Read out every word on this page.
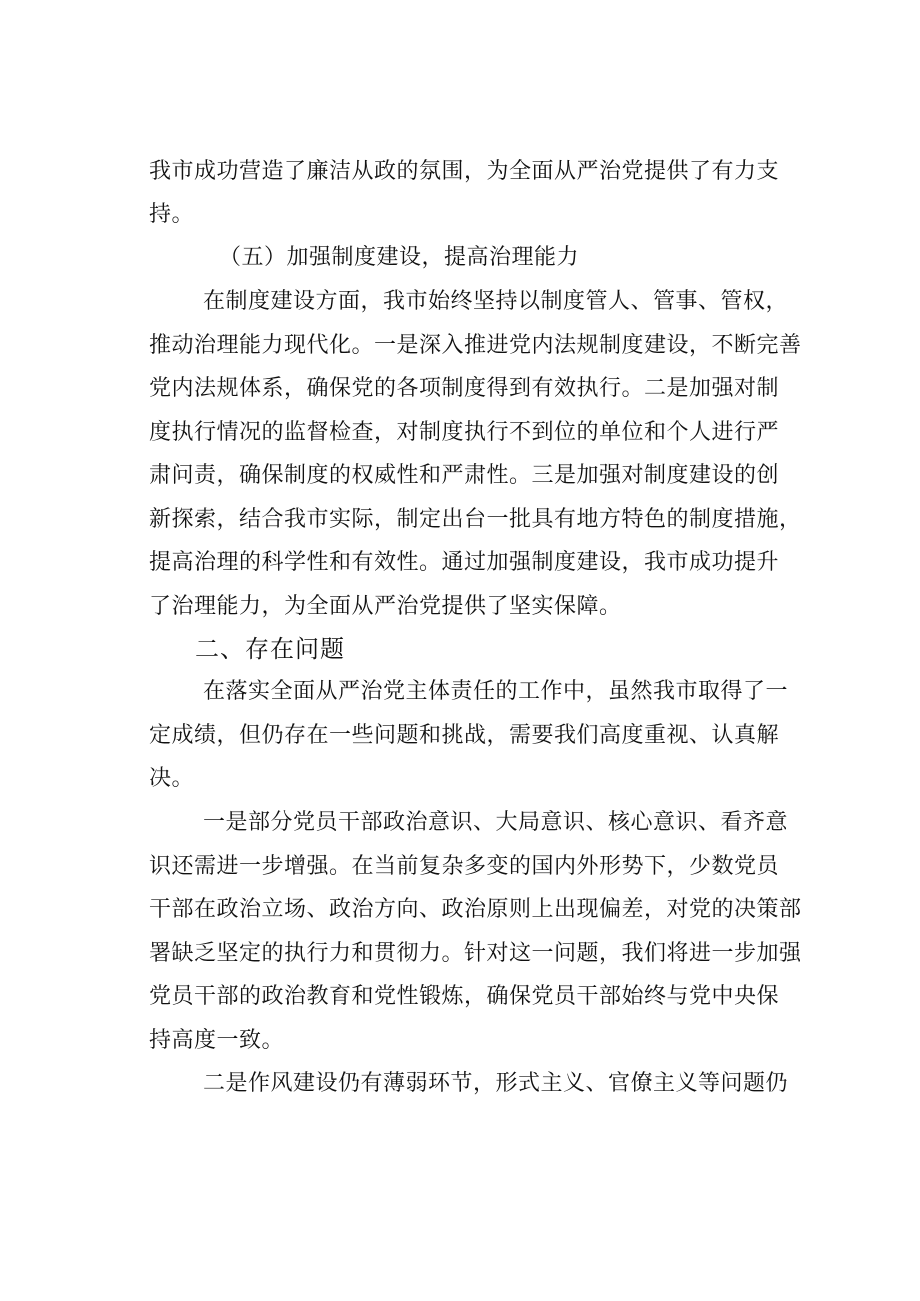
我市成功营造了廉洁从政的氛围，为全面从严治党提供了有力支
持。
（五）加强制度建设，提高治理能力
在制度建设方面，我市始终坚持以制度管人、管事、管权，
推动治理能力现代化。一是深入推进党内法规制度建设，不断完善
党内法规体系，确保党的各项制度得到有效执行。二是加强对制
度执行情况的监督检查，对制度执行不到位的单位和个人进行严
肃问责，确保制度的权威性和严肃性。三是加强对制度建设的创
新探索，结合我市实际，制定出台一批具有地方特色的制度措施，
提高治理的科学性和有效性。通过加强制度建设，我市成功提升
了治理能力，为全面从严治党提供了坚实保障。
二、存在问题
在落实全面从严治党主体责任的工作中，虽然我市取得了一
定成绩，但仍存在一些问题和挑战，需要我们高度重视、认真解
决。
一是部分党员干部政治意识、大局意识、核心意识、看齐意
识还需进一步增强。在当前复杂多变的国内外形势下，少数党员
干部在政治立场、政治方向、政治原则上出现偏差，对党的决策部
署缺乏坚定的执行力和贯彻力。针对这一问题，我们将进一步加强
党员干部的政治教育和党性锻炼，确保党员干部始终与党中央保
持高度一致。
二是作风建设仍有薄弱环节，形式主义、官僚主义等问题仍
